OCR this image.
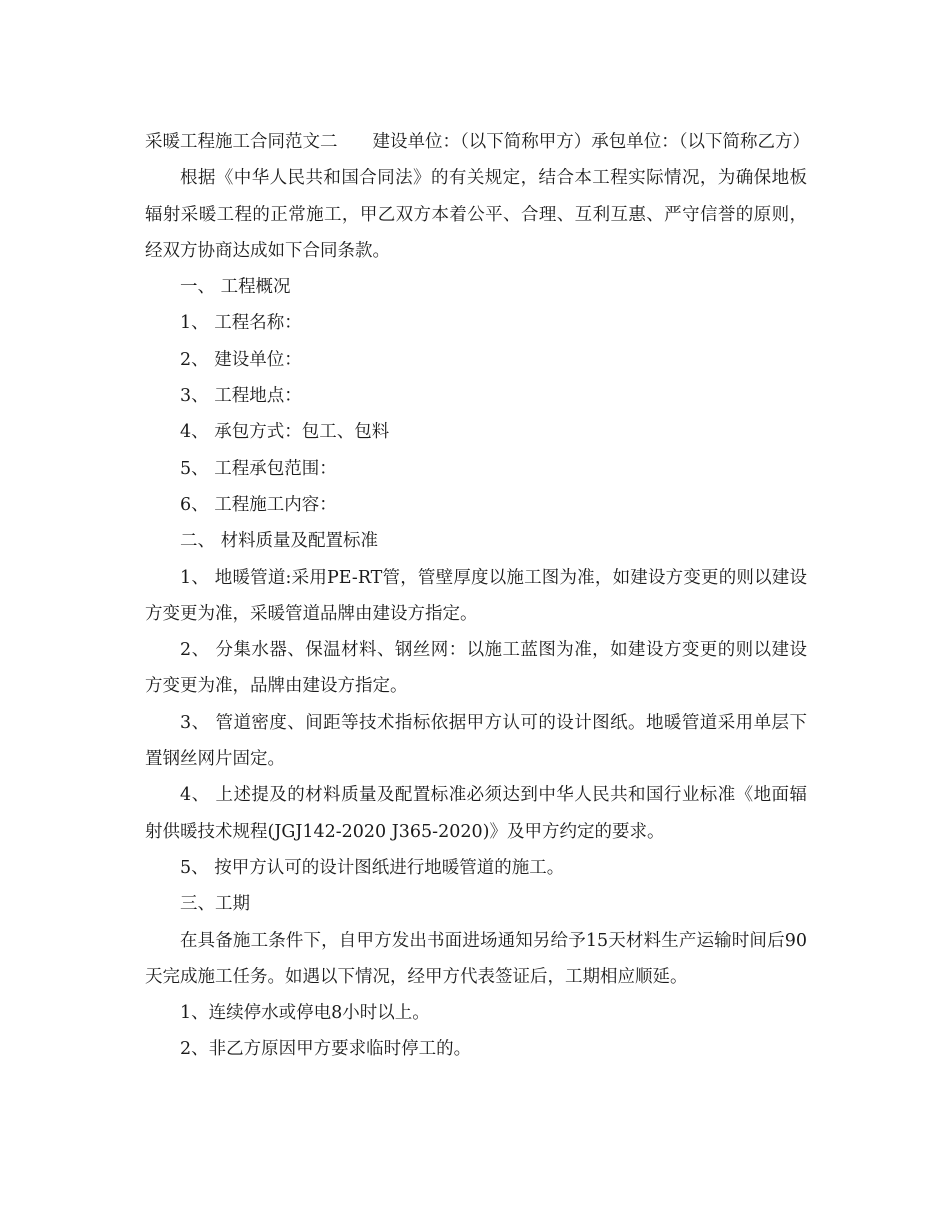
采暖工程施工合同范文二　　建设单位：（以下简称甲方）承包单位：（以下简称乙方）

根据《中华人民共和国合同法》的有关规定，结合本工程实际情况，为确保地板辐射采暖工程的正常施工，甲乙双方本着公平、合理、互利互惠、严守信誉的原则，经双方协商达成如下合同条款。

一、 工程概况

1、 工程名称：

2、 建设单位：

3、 工程地点：

4、 承包方式：包工、包料

5、 工程承包范围：

6、 工程施工内容：

二、 材料质量及配置标准

1、 地暖管道:采用PE-RT管，管壁厚度以施工图为准，如建设方变更的则以建设方变更为准，采暖管道品牌由建设方指定。

2、 分集水器、保温材料、钢丝网：以施工蓝图为准，如建设方变更的则以建设方变更为准，品牌由建设方指定。

3、 管道密度、间距等技术指标依据甲方认可的设计图纸。地暖管道采用单层下置钢丝网片固定。

4、 上述提及的材料质量及配置标准必须达到中华人民共和国行业标准《地面辐射供暖技术规程(JGJ142-2020 J365-2020)》及甲方约定的要求。

5、 按甲方认可的设计图纸进行地暖管道的施工。

三、工期

在具备施工条件下，自甲方发出书面进场通知另给予15天材料生产运输时间后90天完成施工任务。如遇以下情况，经甲方代表签证后，工期相应顺延。

1、连续停水或停电8小时以上。

2、非乙方原因甲方要求临时停工的。
